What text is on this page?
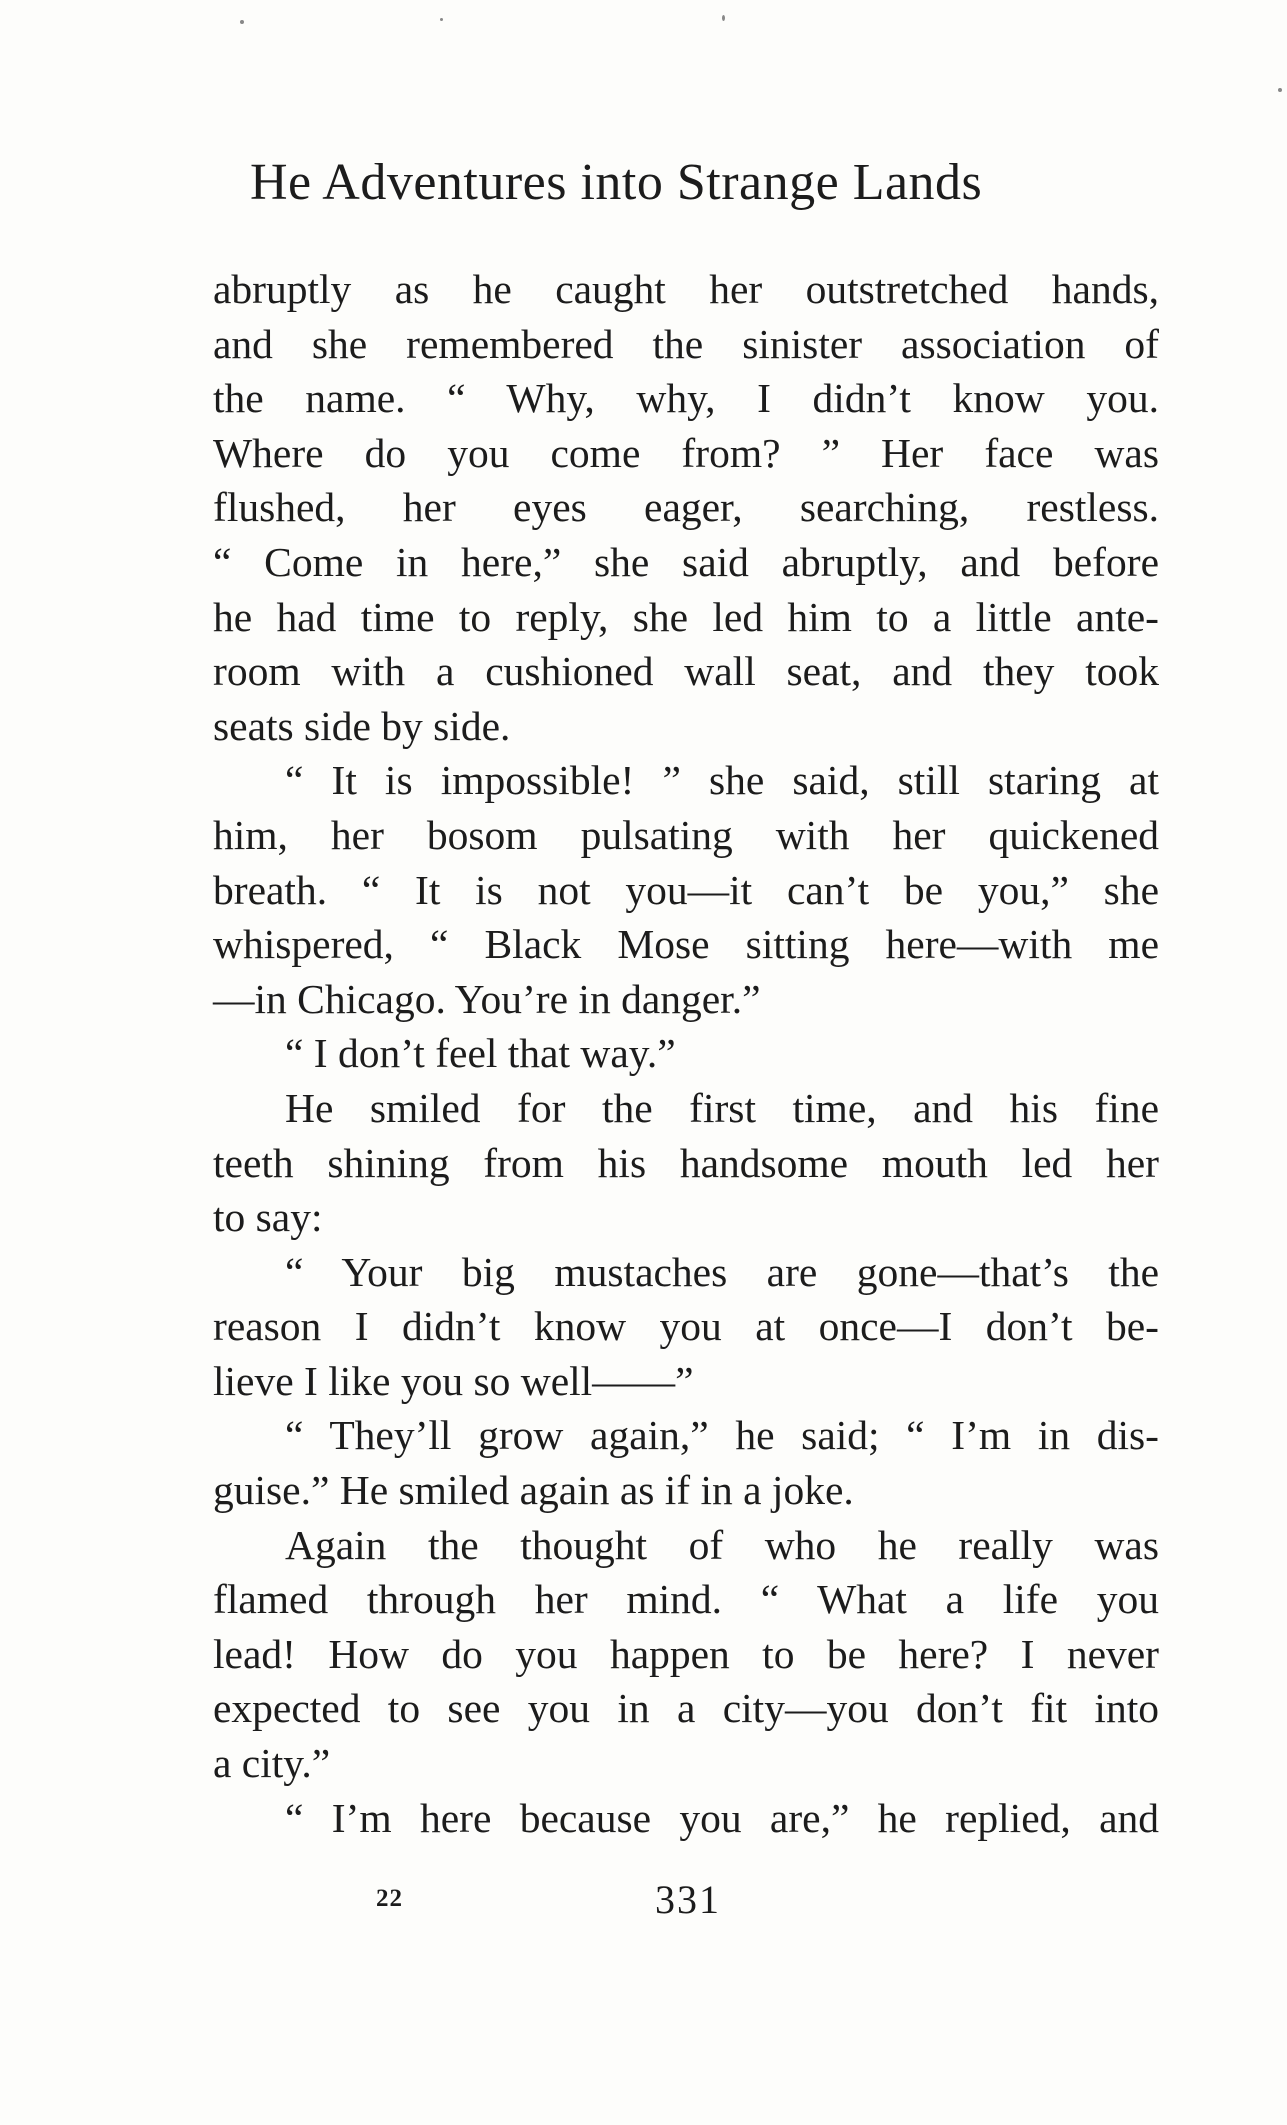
He Adventures into Strange Lands
abruptly as he caught her outstretched hands,
and she remembered the sinister association of
the name. “ Why, why, I didn’t know you.
Where do you come from? ” Her face was
flushed, her eyes eager, searching, restless.
“ Come in here,” she said abruptly, and before
he had time to reply, she led him to a little ante-
room with a cushioned wall seat, and they took
seats side by side.
“ It is impossible! ” she said, still staring at
him, her bosom pulsating with her quickened
breath. “ It is not you—it can’t be you,” she
whispered, “ Black Mose sitting here—with me
—in Chicago. You’re in danger.”
“ I don’t feel that way.”
He smiled for the first time, and his fine
teeth shining from his handsome mouth led her
to say:
“ Your big mustaches are gone—that’s the
reason I didn’t know you at once—I don’t be-
lieve I like you so well——”
“ They’ll grow again,” he said; “ I’m in dis-
guise.” He smiled again as if in a joke.
Again the thought of who he really was
flamed through her mind. “ What a life you
lead! How do you happen to be here? I never
expected to see you in a city—you don’t fit into
a city.”
“ I’m here because you are,” he replied, and
22	331
